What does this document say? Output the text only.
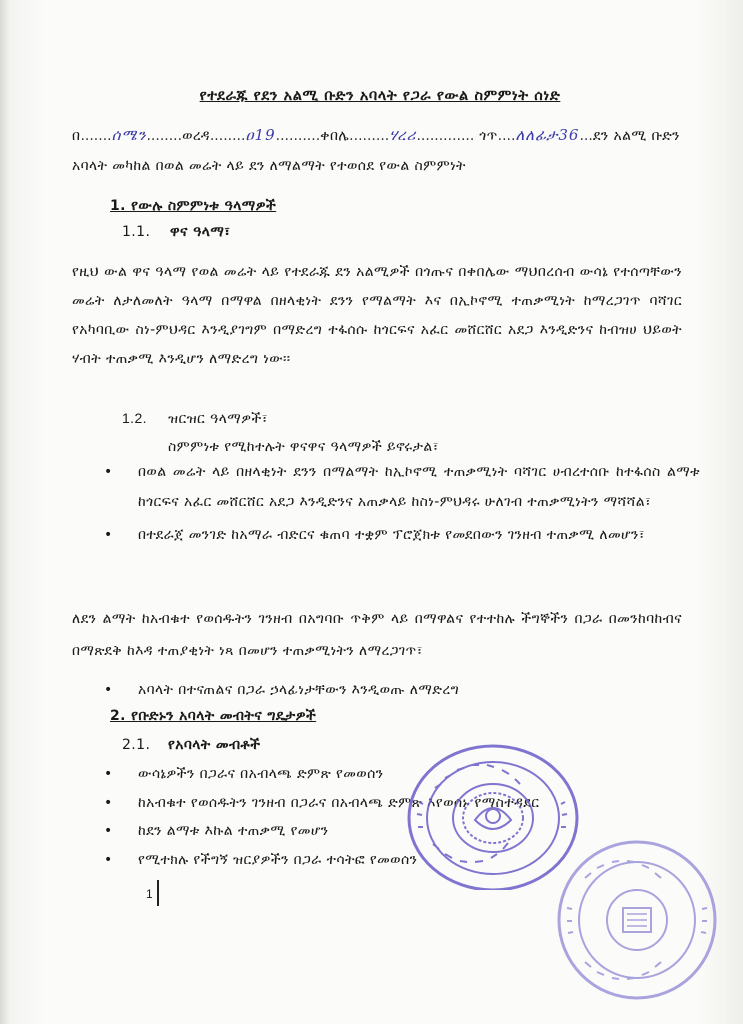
የተደራጁ የደን አልሚ ቡድን አባላት የጋራ የውል ስምምነት ሰነድ
በ.......ሰሜን........ወረዳ........ዐ19..........ቀበሌ.........ሃረሪ............. ጎጥ....ለለፊታ36...ደን አልሚ ቡድን
አባላት መካከል በወል መሬት ላይ ደን ለማልማት የተወሰደ የውል ስምምነት
1. የውሉ ስምምነቱ ዓላማዎች
1.1. ዋና ዓላማ፣
የዚህ ውል ዋና ዓላማ የወል መሬት ላይ የተደራጁ ደን አልሚዎች በጎጡና በቀበሌው ማህበረሰብ ውሳኔ የተሰጣቸውን መሬት ለታለመለት ዓላማ በማዋል በዘላቂነት ደንን የማልማት እና በኢኮኖሚ ተጠቃሚነት ከማረጋገጥ ባሻገር የአካባቢው ስነ-ምህዳር እንዲያገግም በማድረግ ተፋሰሱ ከጎርፍና አፈር መሸርሸር አደጋ እንዲድንና ከብዝሀ ህይወት ሃብት ተጠቃሚ እንዲሆን ለማድረግ ነው፡፡
1.2. ዝርዝር ዓላማዎች፣
ስምምነቱ የሚከተሉት ዋናዋና ዓላማዎች ይኖሩታል፣
• በወል መሬት ላይ በዘላቂነት ደንን በማልማት ከኢኮኖሚ ተጠቃሚነት ባሻገር ሀብረተሰቡ ከተፋሰስ ልማቱ ከጎርፍና አፈር መሸርሸር አደጋ እንዲድንና አጠቃላይ ከስነ-ምህዳሩ ሁለገብ ተጠቃሚነትን ማሻሻል፣
• በተደራጀ መንገድ ከአማራ ብድርና ቁጠባ ተቋም ፕሮጀክቱ የመደበውን ገንዘብ ተጠቃሚ ለመሆን፣
ለደን ልማት ከአብቁተ የወሰዱትን ገንዘብ በአግባቡ ጥቅም ላይ በማዋልና የተተከሉ ችግኞችን በጋራ በመንከባከብና በማጽደቅ ከእዳ ተጠያቂነት ነጻ በመሆን ተጠቃሚነትን ለማረጋገጥ፣
• አባላት በተናጠልና በጋራ ኃላፊነታቸውን እንዲወጡ ለማድረግ
2. የቡድኑን አባላት መብትና ግዴታዎች
2.1. የአባላት መብቶች
• ውሳኔዎችን በጋራና በአብላጫ ድምጽ የመወሰን
• ከአብቁተ የወሰዱትን ገንዘብ በጋራና በአብላጫ ድምጽ እየወሰኑ የማስተዳደር
• ከደን ልማቱ እኩል ተጠቃሚ የመሆን
• የሚተክሉ የችግኝ ዝርያዎችን በጋራ ተሳትፎ የመወሰን
1
